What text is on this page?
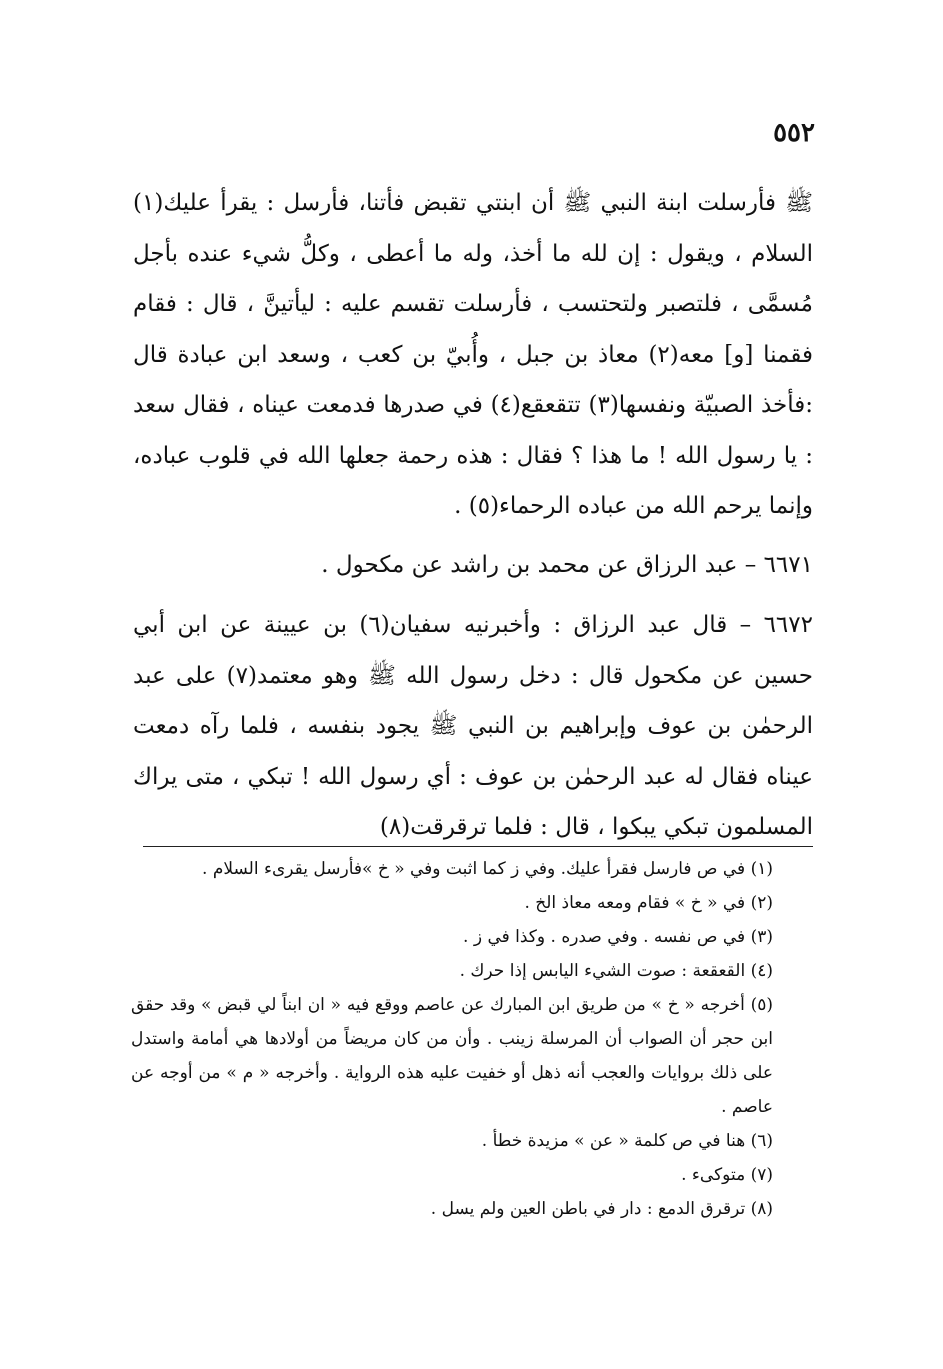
٥٥٢

ﷺ فأرسلت ابنة النبي ﷺ أن ابنتي تقبض فأتنا، فأرسل : يقرأ عليك(١) السلام ، ويقول : إن لله ما أخذ، وله ما أعطى ، وكلُّ شيء عنده بأجل مُسمَّى ، فلتصبر ولتحتسب ، فأرسلت تقسم عليه : ليأتينَّ ، قال : فقام فقمنا [و] معه(٢) معاذ بن جبل ، وأُبيّ بن كعب ، وسعد ابن عبادة قال :فأخذ الصبيّة ونفسها(٣) تتقعقع(٤) في صدرها فدمعت عيناه ، فقال سعد : يا رسول الله ! ما هذا ؟ فقال : هذه رحمة جعلها الله في قلوب عباده، وإنما يرحم الله من عباده الرحماء(٥) .

٦٦٧١ – عبد الرزاق عن محمد بن راشد عن مكحول .

٦٦٧٢ – قال عبد الرزاق : وأخبرنيه سفيان(٦) بن عيينة عن ابن أبي حسين عن مكحول قال : دخل رسول الله ﷺ وهو معتمد(٧) على عبد الرحمٰن بن عوف وإبراهيم بن النبي ﷺ يجود بنفسه ، فلما رآه دمعت عيناه فقال له عبد الرحمٰن بن عوف : أي رسول الله ! تبكي ، متى يراك المسلمون تبكي يبكوا ، قال : فلما ترقرقت(٨)

(١) في ص فارسل فقرأ عليك. وفي ز كما اثبت وفي « خ »فأرسل يقرىء السلام .
(٢) في « خ » فقام ومعه معاذ الخ .
(٣) في ص نفسه . وفي صدره . وكذا في ز .
(٤) القعقعة : صوت الشيء اليابس إذا حرك .
(٥) أخرجه « خ » من طريق ابن المبارك عن عاصم ووقع فيه « ان ابناً لي قبض » وقد حقق ابن حجر أن الصواب أن المرسلة زينب . وأن من كان مريضاً من أولادها هي أمامة واستدل على ذلك بروايات والعجب أنه ذهل أو خفيت عليه هذه الرواية . وأخرجه « م » من أوجه عن عاصم .
(٦) هنا في ص كلمة « عن » مزيدة خطأ .
(٧) متوكىء .
(٨) ترقرق الدمع : دار في باطن العين ولم يسل .
